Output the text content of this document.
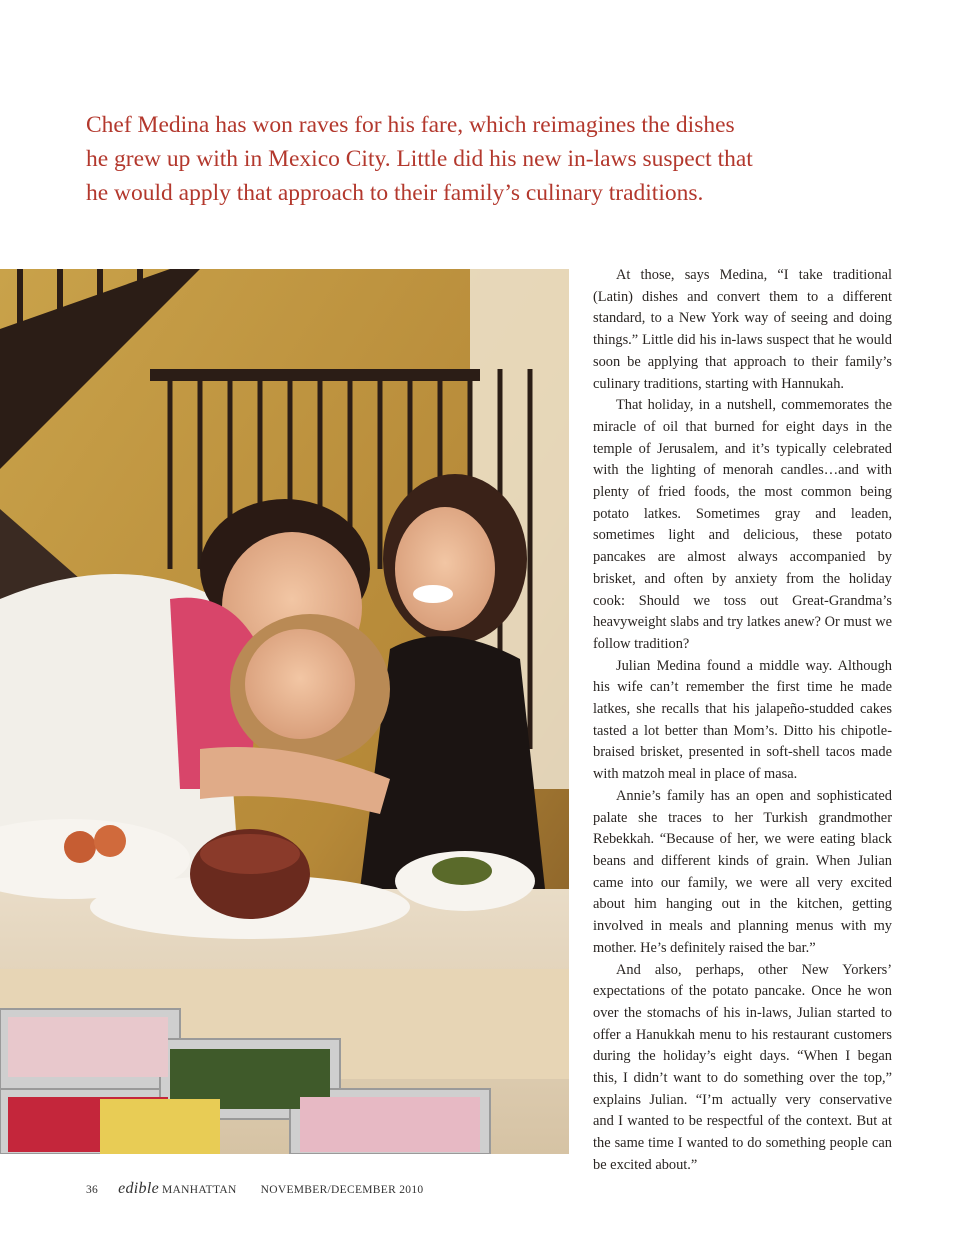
Chef Medina has won raves for his fare, which reimagines the dishes

he grew up with in Mexico City. Little did his new in-laws suspect that

he would apply that approach to their family’s culinary traditions.

At those, says Medina, “I take traditional (Latin) dishes and convert them to a different standard, to a New York way of seeing and doing things.” Little did his in-laws suspect that he would soon be applying that approach to their family’s culinary traditions, starting with Hannukah.

That holiday, in a nutshell, commemorates the miracle of oil that burned for eight days in the temple of Jerusalem, and it’s typically celebrated with the lighting of menorah candles…and with plenty of fried foods, the most common being potato latkes. Sometimes gray and leaden, sometimes light and delicious, these potato pancakes are almost always accompanied by brisket, and often by anxiety from the holiday cook: Should we toss out Great-Grandma’s heavyweight slabs and try latkes anew? Or must we follow tradition?

Julian Medina found a middle way. Although his wife can’t remember the first time he made latkes, she recalls that his jalapeño-studded cakes tasted a lot better than Mom’s. Ditto his chipotle-braised brisket, presented in soft-shell tacos made with matzoh meal in place of masa.

Annie’s family has an open and sophisticated palate she traces to her Turkish grandmother Rebekkah. “Because of her, we were eating black beans and different kinds of grain. When Julian came into our family, we were all very excited about him hanging out in the kitchen, getting involved in meals and planning menus with my mother. He’s definitely raised the bar.”

And also, perhaps, other New Yorkers’ expectations of the potato pancake. Once he won over the stomachs of his in-laws, Julian started to offer a Hanukkah menu to his restaurant customers during the holiday’s eight days. “When I began this, I didn’t want to do something over the top,” explains Julian. “I’m actually very conservative and I wanted to be respectful of the context. But at the same time I wanted to do something people can be excited about.”

36 edible MANHATTAN NOVEMBER/DECEMBER 2010
